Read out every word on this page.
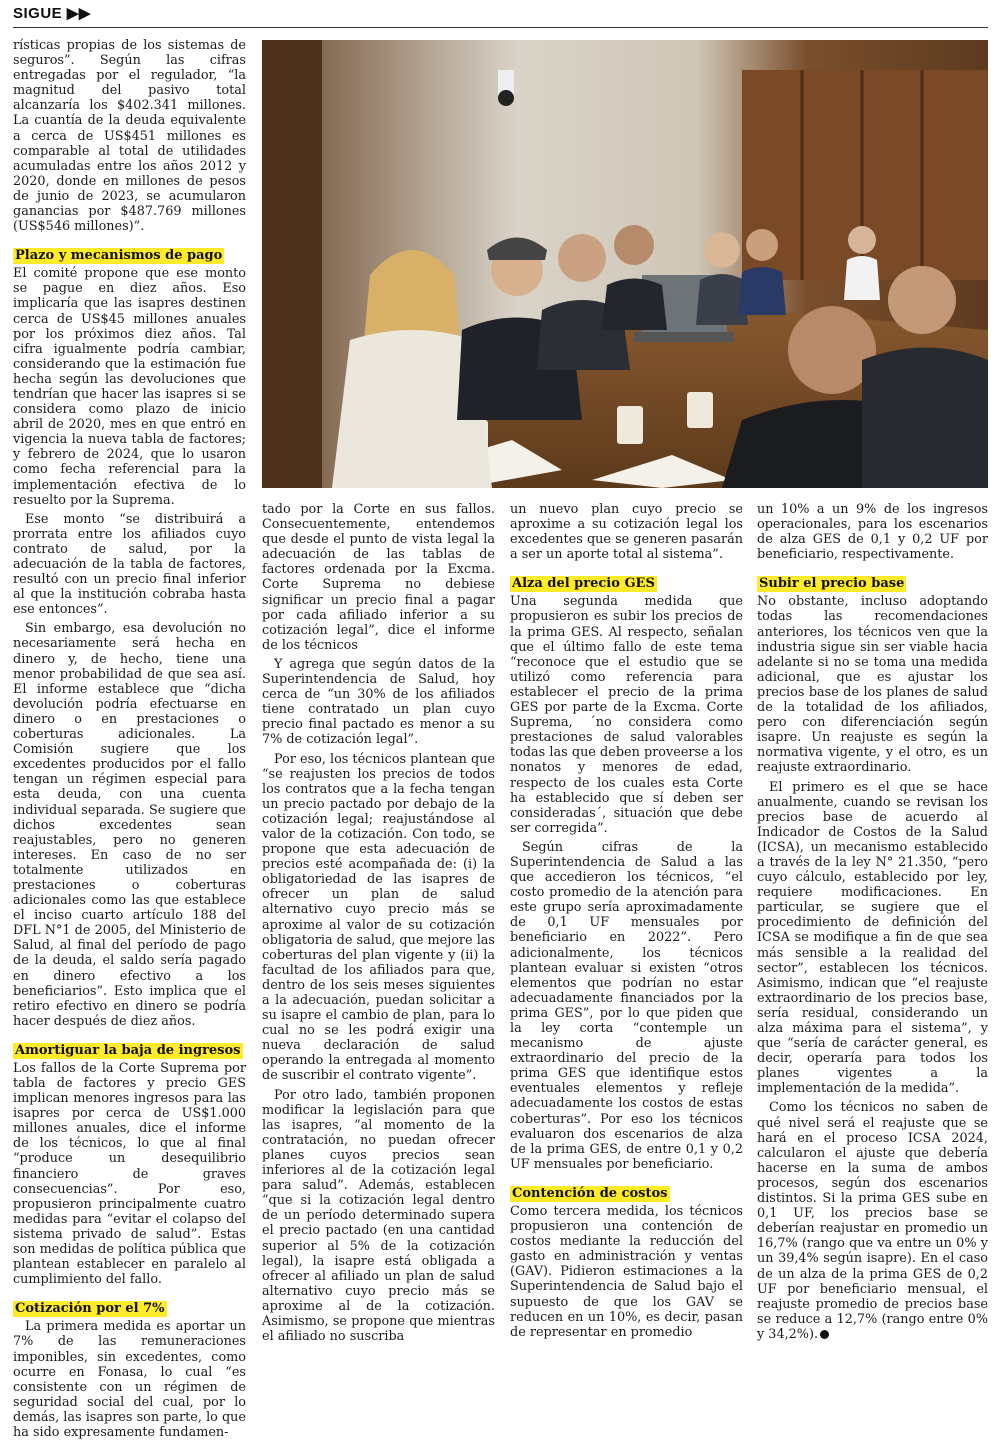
SIGUE ▶▶

rísticas propias de los sistemas de seguros”. Según las cifras entregadas por el regulador, “la magnitud del pasivo total alcanzaría los $402.341 millones. La cuantía de la deuda equivalente a cerca de US$451 millones es comparable al total de utilidades acumuladas entre los años 2012 y 2020, donde en millones de pesos de junio de 2023, se acumularon ganancias por $487.769 millones (US$546 millones)”.

Plazo y mecanismos de pago

El comité propone que ese monto se pague en diez años. Eso implicaría que las isapres destinen cerca de US$45 millones anuales por los próximos diez años. Tal cifra igualmente podría cambiar, considerando que la estimación fue hecha según las devoluciones que tendrían que hacer las isapres si se considera como plazo de inicio abril de 2020, mes en que entró en vigencia la nueva tabla de factores; y febrero de 2024, que lo usaron como fecha referencial para la implementación efectiva de lo resuelto por la Suprema.

Ese monto “se distribuirá a prorrata entre los afiliados cuyo contrato de salud, por la adecuación de la tabla de factores, resultó con un precio final inferior al que la institución cobraba hasta ese entonces”.

Sin embargo, esa devolución no necesariamente será hecha en dinero y, de hecho, tiene una menor probabilidad de que sea así. El informe establece que “dicha devolución podría efectuarse en dinero o en prestaciones o coberturas adicionales. La Comisión sugiere que los excedentes producidos por el fallo tengan un régimen especial para esta deuda, con una cuenta individual separada. Se sugiere que dichos excedentes sean reajustables, pero no generen intereses. En caso de no ser totalmente utilizados en prestaciones o coberturas adicionales como las que establece el inciso cuarto artículo 188 del DFL N°1 de 2005, del Ministerio de Salud, al final del período de pago de la deuda, el saldo sería pagado en dinero efectivo a los beneficiarios”. Esto implica que el retiro efectivo en dinero se podría hacer después de diez años.

Amortiguar la baja de ingresos

Los fallos de la Corte Suprema por tabla de factores y precio GES implican menores ingresos para las isapres por cerca de US$1.000 millones anuales, dice el informe de los técnicos, lo que al final “produce un desequilibrio financiero de graves consecuencias”. Por eso, propusieron principalmente cuatro medidas para “evitar el colapso del sistema privado de salud”. Estas son medidas de política pública que plantean establecer en paralelo al cumplimiento del fallo.

Cotización por el 7%

La primera medida es aportar un 7% de las remuneraciones imponibles, sin excedentes, como ocurre en Fonasa, lo cual “es consistente con un régimen de seguridad social del cual, por lo demás, las isapres son parte, lo que ha sido expresamente fundamen-

tado por la Corte en sus fallos. Consecuentemente, entendemos que desde el punto de vista legal la adecuación de las tablas de factores ordenada por la Excma. Corte Suprema no debiese significar un precio final a pagar por cada afiliado inferior a su cotización legal”, dice el informe de los técnicos

Y agrega que según datos de la Superintendencia de Salud, hoy cerca de “un 30% de los afiliados tiene contratado un plan cuyo precio final pactado es menor a su 7% de cotización legal”.

Por eso, los técnicos plantean que “se reajusten los precios de todos los contratos que a la fecha tengan un precio pactado por debajo de la cotización legal; reajustándose al valor de la cotización. Con todo, se propone que esta adecuación de precios esté acompañada de: (i) la obligatoriedad de las isapres de ofrecer un plan de salud alternativo cuyo precio más se aproxime al valor de su cotización obligatoria de salud, que mejore las coberturas del plan vigente y (ii) la facultad de los afiliados para que, dentro de los seis meses siguientes a la adecuación, puedan solicitar a su isapre el cambio de plan, para lo cual no se les podrá exigir una nueva declaración de salud operando la entregada al momento de suscribir el contrato vigente”.

Por otro lado, también proponen modificar la legislación para que las isapres, “al momento de la contratación, no puedan ofrecer planes cuyos precios sean inferiores al de la cotización legal para salud”. Además, establecen “que si la cotización legal dentro de un período determinado supera el precio pactado (en una cantidad superior al 5% de la cotización legal), la isapre está obligada a ofrecer al afiliado un plan de salud alternativo cuyo precio más se aproxime al de la cotización. Asimismo, se propone que mientras el afiliado no suscriba

un nuevo plan cuyo precio se aproxime a su cotización legal los excedentes que se generen pasarán a ser un aporte total al sistema”.

Alza del precio GES

Una segunda medida que propusieron es subir los precios de la prima GES. Al respecto, señalan que el último fallo de este tema “reconoce que el estudio que se utilizó como referencia para establecer el precio de la prima GES por parte de la Excma. Corte Suprema, ´no considera como prestaciones de salud valorables todas las que deben proveerse a los nonatos y menores de edad, respecto de los cuales esta Corte ha establecido que sí deben ser consideradas´, situación que debe ser corregida”.

Según cifras de la Superintendencia de Salud a las que accedieron los técnicos, “el costo promedio de la atención para este grupo sería aproximadamente de 0,1 UF mensuales por beneficiario en 2022”. Pero adicionalmente, los técnicos plantean evaluar si existen “otros elementos que podrían no estar adecuadamente financiados por la prima GES”, por lo que piden que la ley corta “contemple un mecanismo de ajuste extraordinario del precio de la prima GES que identifique estos eventuales elementos y refleje adecuadamente los costos de estas coberturas”. Por eso los técnicos evaluaron dos escenarios de alza de la prima GES, de entre 0,1 y 0,2 UF mensuales por beneficiario.

Contención de costos

Como tercera medida, los técnicos propusieron una contención de costos mediante la reducción del gasto en administración y ventas (GAV). Pidieron estimaciones a la Superintendencia de Salud bajo el supuesto de que los GAV se reducen en un 10%, es decir, pasan de representar en promedio

un 10% a un 9% de los ingresos operacionales, para los escenarios de alza GES de 0,1 y 0,2 UF por beneficiario, respectivamente.

Subir el precio base

No obstante, incluso adoptando todas las recomendaciones anteriores, los técnicos ven que la industria sigue sin ser viable hacia adelante si no se toma una medida adicional, que es ajustar los precios base de los planes de salud de la totalidad de los afiliados, pero con diferenciación según isapre. Un reajuste es según la normativa vigente, y el otro, es un reajuste extraordinario.

El primero es el que se hace anualmente, cuando se revisan los precios base de acuerdo al Indicador de Costos de la Salud (ICSA), un mecanismo establecido a través de la ley N° 21.350, “pero cuyo cálculo, establecido por ley, requiere modificaciones. En particular, se sugiere que el procedimiento de definición del ICSA se modifique a fin de que sea más sensible a la realidad del sector”, establecen los técnicos. Asimismo, indican que “el reajuste extraordinario de los precios base, sería residual, considerando un alza máxima para el sistema”, y que “sería de carácter general, es decir, operaría para todos los planes vigentes a la implementación de la medida”.

Como los técnicos no saben de qué nivel será el reajuste que se hará en el proceso ICSA 2024, calcularon el ajuste que debería hacerse en la suma de ambos procesos, según dos escenarios distintos. Si la prima GES sube en 0,1 UF, los precios base se deberían reajustar en promedio un 16,7% (rango que va entre un 0% y un 39,4% según isapre). En el caso de un alza de la prima GES de 0,2 UF por beneficiario mensual, el reajuste promedio de precios base se reduce a 12,7% (rango entre 0% y 34,2%).
